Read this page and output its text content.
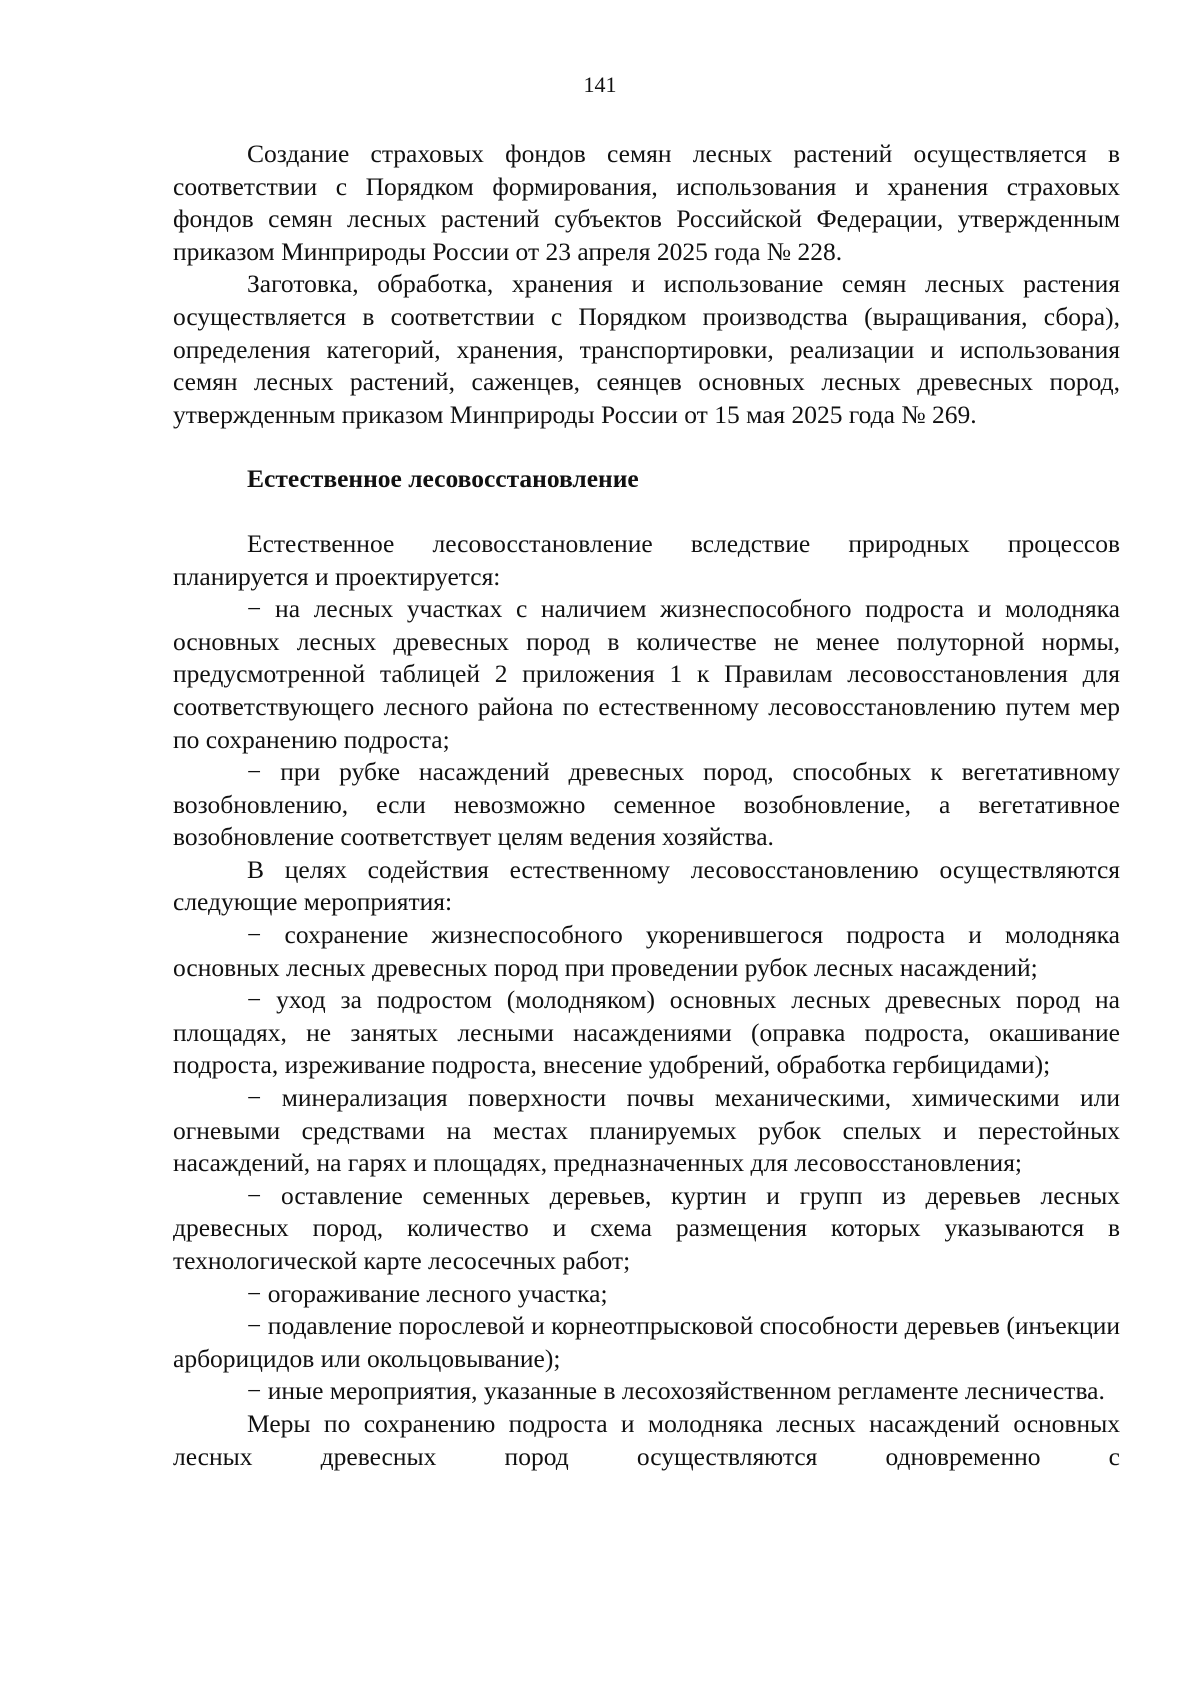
141

Создание страховых фондов семян лесных растений осуществляется в соответствии с Порядком формирования, использования и хранения страховых фондов семян лесных растений субъектов Российской Федерации, утвержденным приказом Минприроды России от 23 апреля 2025 года № 228.

Заготовка, обработка, хранения и использование семян лесных растения осуществляется в соответствии с Порядком производства (выращивания, сбора), определения категорий, хранения, транспортировки, реализации и использования семян лесных растений, саженцев, сеянцев основных лесных древесных пород, утвержденным приказом Минприроды России от 15 мая 2025 года № 269.

Естественное лесовосстановление

Естественное лесовосстановление вследствие природных процессов планируется и проектируется:

− на лесных участках с наличием жизнеспособного подроста и молодняка основных лесных древесных пород в количестве не менее полуторной нормы, предусмотренной таблицей 2 приложения 1 к Правилам лесовосстановления для соответствующего лесного района по естественному лесовосстановлению путем мер по сохранению подроста;

− при рубке насаждений древесных пород, способных к вегетативному возобновлению, если невозможно семенное возобновление, а вегетативное возобновление соответствует целям ведения хозяйства.

В целях содействия естественному лесовосстановлению осуществляются следующие мероприятия:

− сохранение жизнеспособного укоренившегося подроста и молодняка основных лесных древесных пород при проведении рубок лесных насаждений;

− уход за подростом (молодняком) основных лесных древесных пород на площадях, не занятых лесными насаждениями (оправка подроста, окашивание подроста, изреживание подроста, внесение удобрений, обработка гербицидами);

− минерализация поверхности почвы механическими, химическими или огневыми средствами на местах планируемых рубок спелых и перестойных насаждений, на гарях и площадях, предназначенных для лесовосстановления;

− оставление семенных деревьев, куртин и групп из деревьев лесных древесных пород, количество и схема размещения которых указываются в технологической карте лесосечных работ;

− огораживание лесного участка;

− подавление порослевой и корнеотпрысковой способности деревьев (инъекции арборицидов или окольцовывание);

− иные мероприятия, указанные в лесохозяйственном регламенте лесничества.

Меры по сохранению подроста и молодняка лесных насаждений основных лесных древесных пород осуществляются одновременно с
